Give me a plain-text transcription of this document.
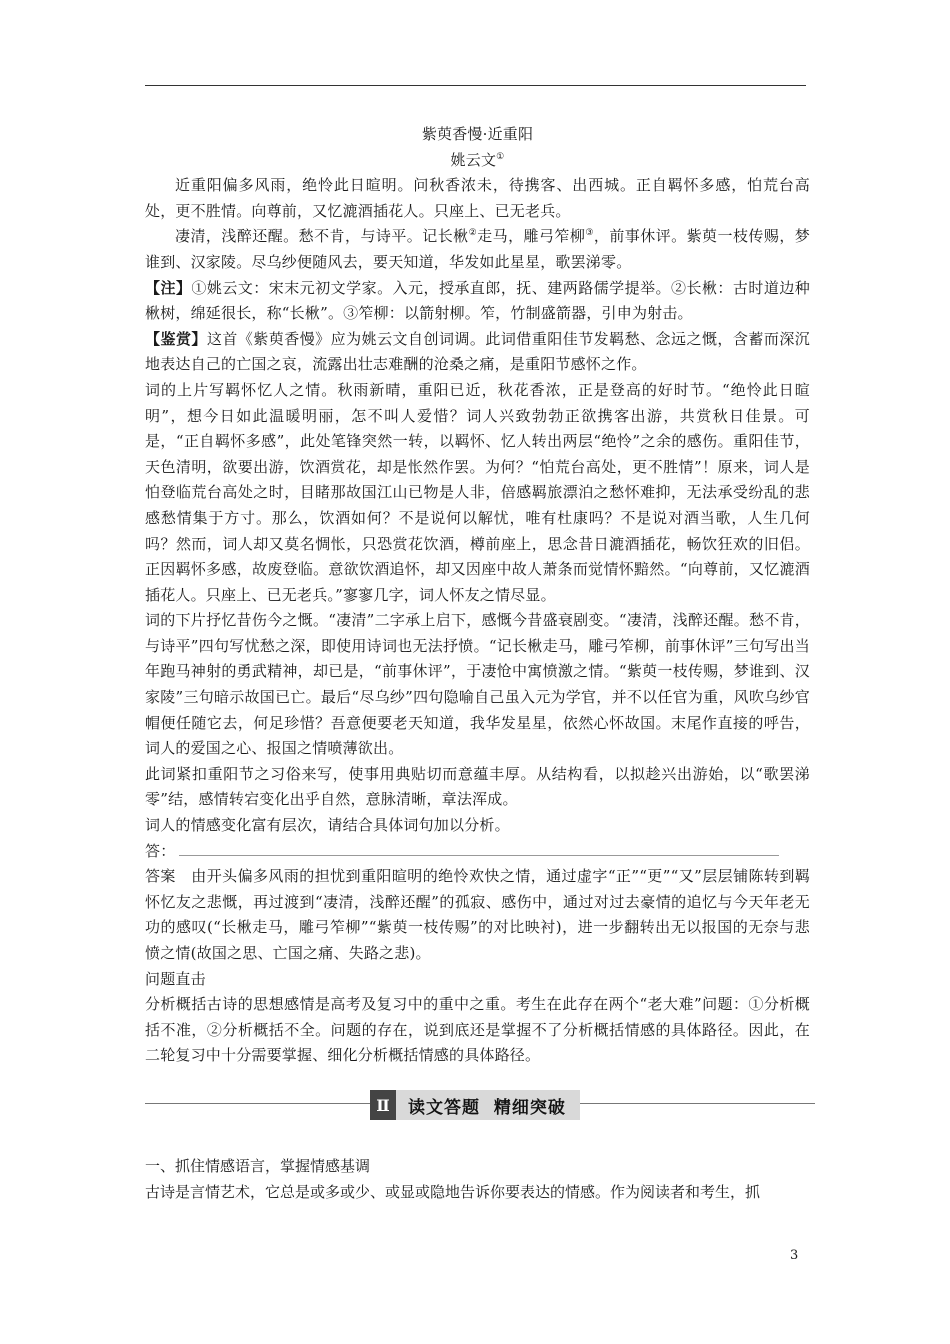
紫萸香慢·近重阳

姚云文①

近重阳偏多风雨，绝怜此日暄明。问秋香浓未，待携客、出西城。正自羁怀多感，怕荒台高处，更不胜情。向尊前，又忆漉酒插花人。只座上、已无老兵。

凄清，浅醉还醒。愁不肯，与诗平。记长楸②走马，雕弓笮柳③，前事休评。紫萸一枝传赐，梦谁到、汉家陵。尽乌纱便随风去，要天知道，华发如此星星，歌罢涕零。

【注】①姚云文：宋末元初文学家。入元，授承直郎，抚、建两路儒学提举。②长楸：古时道边种楸树，绵延很长，称“长楸”。③笮柳：以箭射柳。笮，竹制盛箭器，引申为射击。

【鉴赏】这首《紫萸香慢》应为姚云文自创词调。此词借重阳佳节发羁愁、念远之慨，含蓄而深沉地表达自己的亡国之哀，流露出壮志难酬的沧桑之痛，是重阳节感怀之作。

词的上片写羁怀忆人之情。秋雨新晴，重阳已近，秋花香浓，正是登高的好时节。“绝怜此日暄明”，想今日如此温暖明丽，怎不叫人爱惜？词人兴致勃勃正欲携客出游，共赏秋日佳景。可是，“正自羁怀多感”，此处笔锋突然一转，以羁怀、忆人转出两层“绝怜”之余的感伤。重阳佳节，天色清明，欲要出游，饮酒赏花，却是怅然作罢。为何？“怕荒台高处，更不胜情”！原来，词人是怕登临荒台高处之时，目睹那故国江山已物是人非，倍感羁旅漂泊之愁怀难抑，无法承受纷乱的悲感愁情集于方寸。那么，饮酒如何？不是说何以解忧，唯有杜康吗？不是说对酒当歌，人生几何吗？然而，词人却又莫名惆怅，只恐赏花饮酒，樽前座上，思念昔日漉酒插花，畅饮狂欢的旧侣。正因羁怀多感，故废登临。意欲饮酒追怀，却又因座中故人萧条而觉情怀黯然。“向尊前，又忆漉酒插花人。只座上、已无老兵。”寥寥几字，词人怀友之情尽显。

词的下片抒忆昔伤今之慨。“凄清”二字承上启下，感慨今昔盛衰剧变。“凄清，浅醉还醒。愁不肯，与诗平”四句写忧愁之深，即使用诗词也无法抒愤。“记长楸走马，雕弓笮柳，前事休评”三句写出当年跑马神射的勇武精神，却已是，“前事休评”，于凄怆中寓愤激之情。“紫萸一枝传赐，梦谁到、汉家陵”三句暗示故国已亡。最后“尽乌纱”四句隐喻自己虽入元为学官，并不以任官为重，风吹乌纱官帽便任随它去，何足珍惜？吾意便要老天知道，我华发星星，依然心怀故国。末尾作直接的呼告，词人的爱国之心、报国之情喷薄欲出。

此词紧扣重阳节之习俗来写，使事用典贴切而意蕴丰厚。从结构看，以拟趁兴出游始，以“歌罢涕零”结，感情转宕变化出乎自然，意脉清晰，章法浑成。

词人的情感变化富有层次，请结合具体词句加以分析。

答：

答案  由开头偏多风雨的担忧到重阳暄明的绝怜欢快之情，通过虚字“正”“更”“又”层层铺陈转到羁怀忆友之悲慨，再过渡到“凄清，浅醉还醒”的孤寂、感伤中，通过对过去豪情的追忆与今天年老无功的感叹(“长楸走马，雕弓笮柳”“紫萸一枝传赐”的对比映衬)，进一步翻转出无以报国的无奈与悲愤之情(故国之思、亡国之痛、失路之悲)。

问题直击

分析概括古诗的思想感情是高考及复习中的重中之重。考生在此存在两个“老大难”问题：①分析概括不准，②分析概括不全。问题的存在，说到底还是掌握不了分析概括情感的具体路径。因此，在二轮复习中十分需要掌握、细化分析概括情感的具体路径。

Ⅱ	读文答题  精细突破

一、抓住情感语言，掌握情感基调

古诗是言情艺术，它总是或多或少、或显或隐地告诉你要表达的情感。作为阅读者和考生，抓

3
